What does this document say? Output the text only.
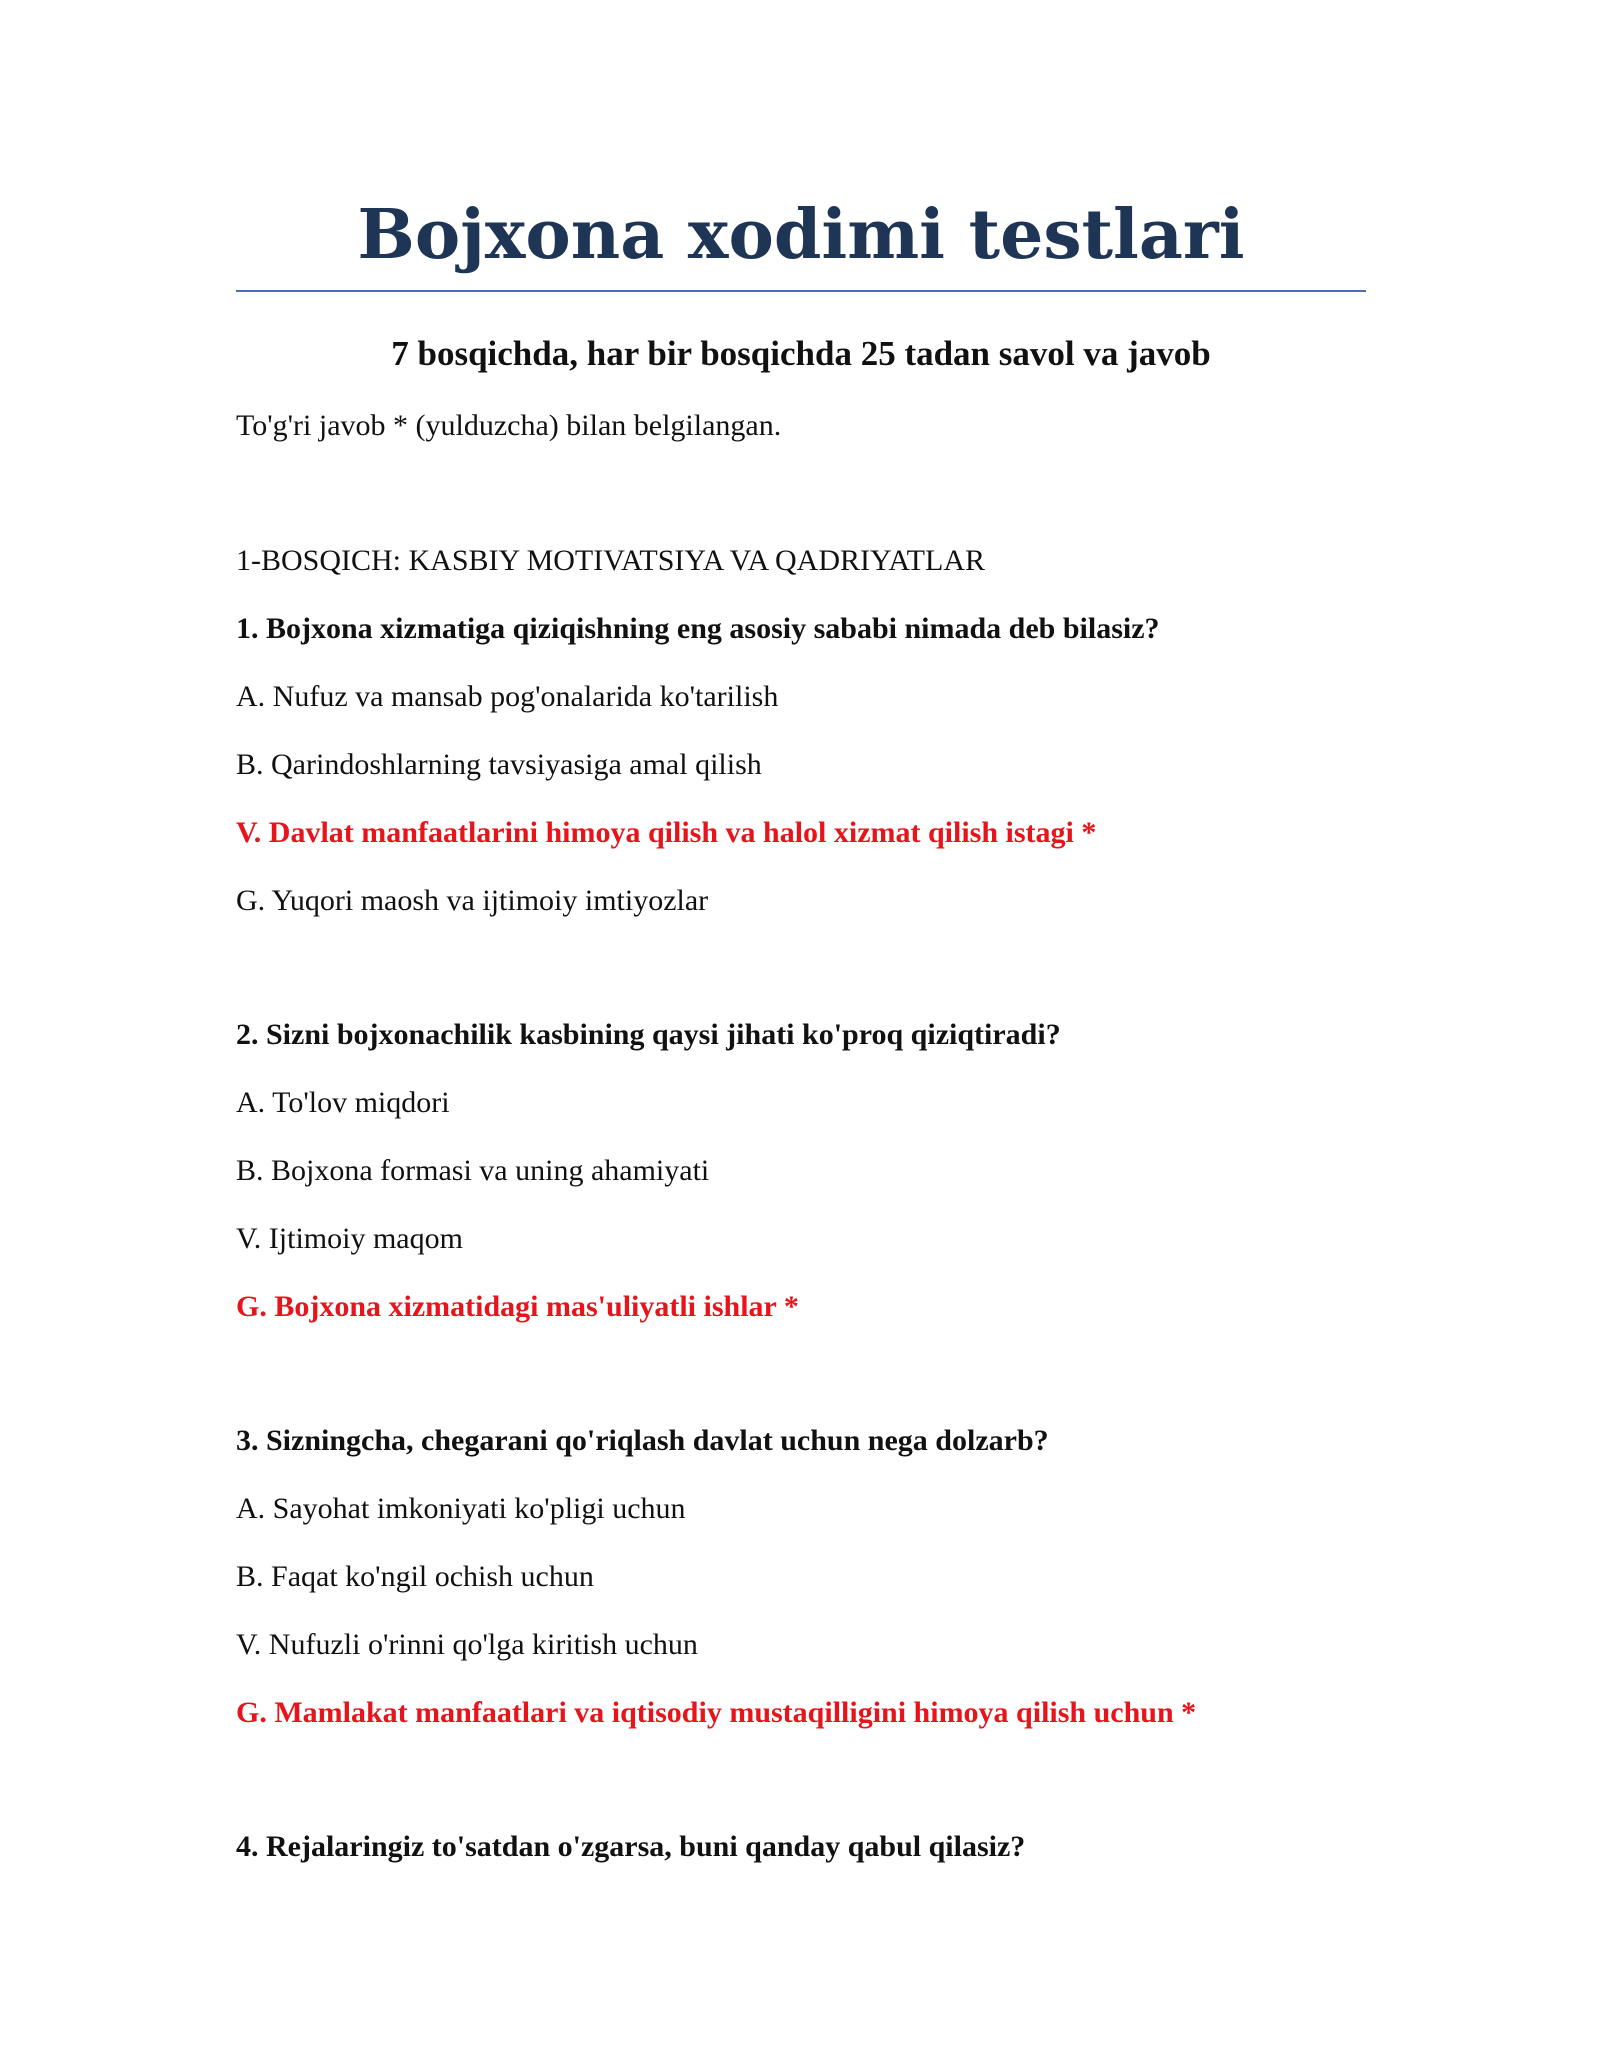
Bojxona xodimi testlari
7 bosqichda, har bir bosqichda 25 tadan savol va javob

To'g'ri javob * (yulduzcha) bilan belgilangan.

1-BOSQICH: KASBIY MOTIVATSIYA VA QADRIYATLAR

1. Bojxona xizmatiga qiziqishning eng asosiy sababi nimada deb bilasiz?

A. Nufuz va mansab pog'onalarida ko'tarilish

B. Qarindoshlarning tavsiyasiga amal qilish

V. Davlat manfaatlarini himoya qilish va halol xizmat qilish istagi *

G. Yuqori maosh va ijtimoiy imtiyozlar

2. Sizni bojxonachilik kasbining qaysi jihati ko'proq qiziqtiradi?

A. To'lov miqdori

B. Bojxona formasi va uning ahamiyati

V. Ijtimoiy maqom

G. Bojxona xizmatidagi mas'uliyatli ishlar *

3. Sizningcha, chegarani qo'riqlash davlat uchun nega dolzarb?

A. Sayohat imkoniyati ko'pligi uchun

B. Faqat ko'ngil ochish uchun

V. Nufuzli o'rinni qo'lga kiritish uchun

G. Mamlakat manfaatlari va iqtisodiy mustaqilligini himoya qilish uchun *

4. Rejalaringiz to'satdan o'zgarsa, buni qanday qabul qilasiz?
